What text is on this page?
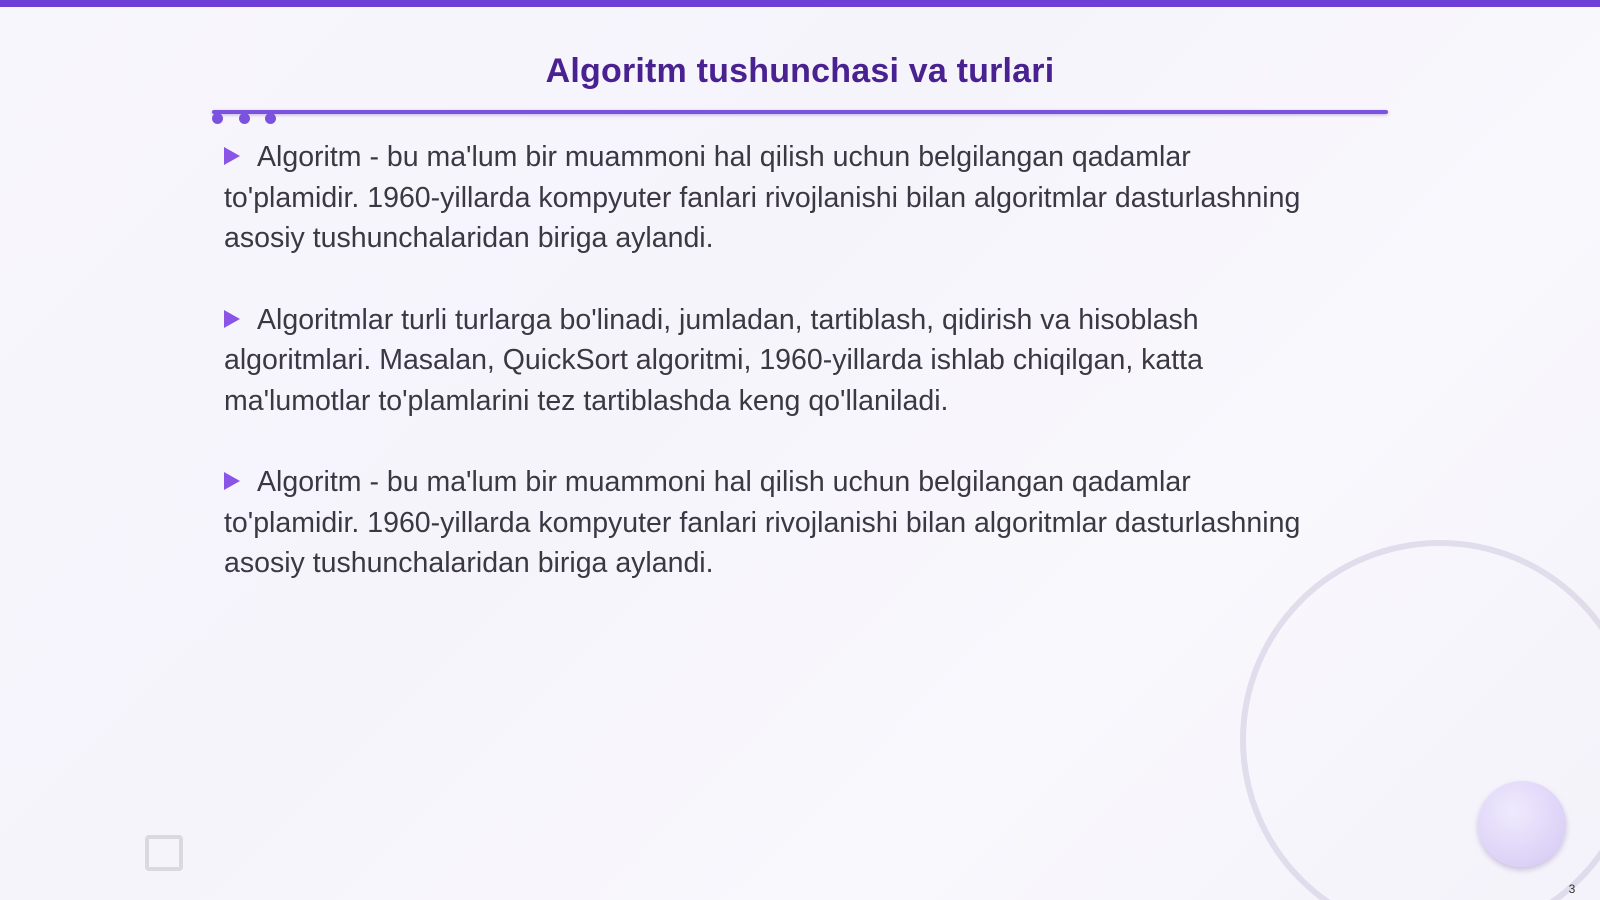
Algoritm tushunchasi va turlari
Algoritm - bu ma'lum bir muammoni hal qilish uchun belgilangan qadamlar to'plamidir. 1960-yillarda kompyuter fanlari rivojlanishi bilan algoritmlar dasturlashning asosiy tushunchalaridan biriga aylandi.
Algoritmlar turli turlarga bo'linadi, jumladan, tartiblash, qidirish va hisoblash algoritmlari. Masalan, QuickSort algoritmi, 1960-yillarda ishlab chiqilgan, katta ma'lumotlar to'plamlarini tez tartiblashda keng qo'llaniladi.
Algoritm - bu ma'lum bir muammoni hal qilish uchun belgilangan qadamlar to'plamidir. 1960-yillarda kompyuter fanlari rivojlanishi bilan algoritmlar dasturlashning asosiy tushunchalaridan biriga aylandi.
3
